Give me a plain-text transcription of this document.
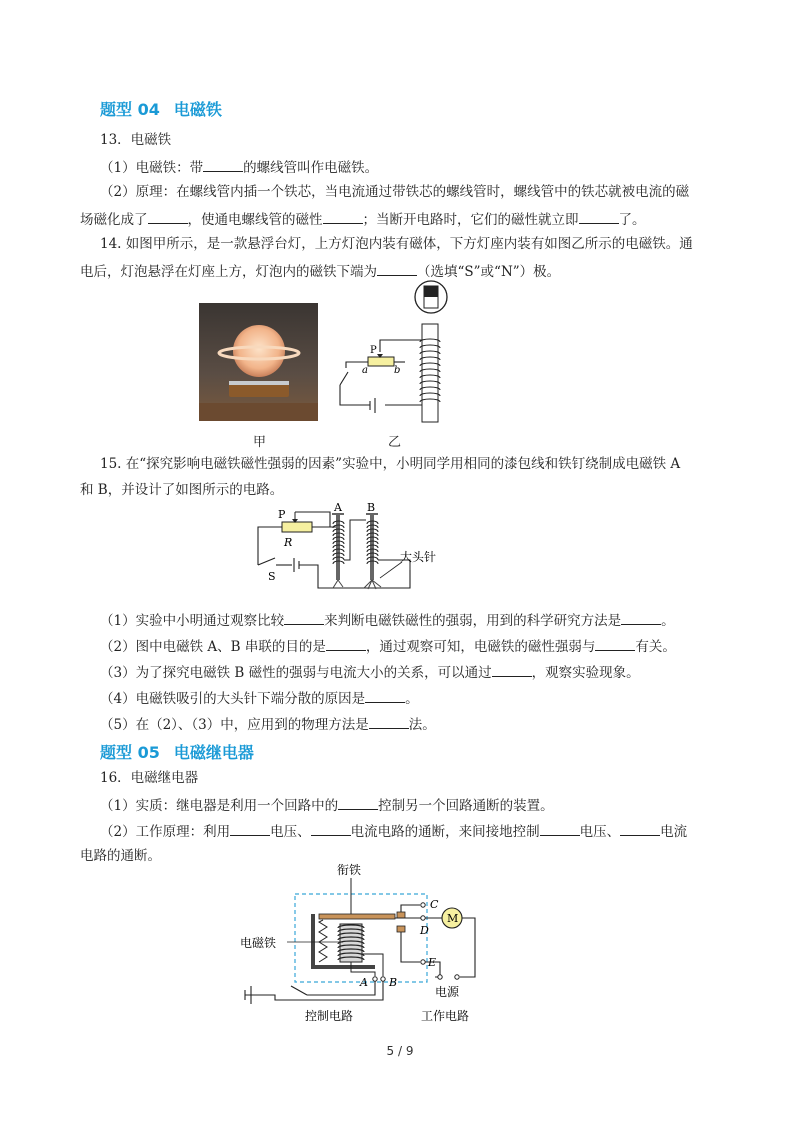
题型 04 电磁铁
13．电磁铁
（1）电磁铁：带	的螺线管叫作电磁铁。
（2）原理：在螺线管内插一个铁芯，当电流通过带铁芯的螺线管时，螺线管中的铁芯就被电流的磁
场磁化成了	，使通电螺线管的磁性	；当断开电路时，它们的磁性就立即	了。
14. 如图甲所示，是一款悬浮台灯，上方灯泡内装有磁体，下方灯座内装有如图乙所示的电磁铁。通
电后，灯泡悬浮在灯座上方，灯泡内的磁铁下端为	（选填“S”或“N”）极。
甲
P
a	b
乙
15. 在“探究影响电磁铁磁性强弱的因素”实验中，小明同学用相同的漆包线和铁钉绕制成电磁铁 A
和 B，并设计了如图所示的电路。
P
R
S
A B
大头针
（1）实验中小明通过观察比较	来判断电磁铁磁性的强弱，用到的科学研究方法是	。
（2）图中电磁铁 A、B 串联的目的是	，通过观察可知，电磁铁的磁性强弱与	有关。
（3）为了探究电磁铁 B 磁性的强弱与电流大小的关系，可以通过	，观察实验现象。
（4）电磁铁吸引的大头针下端分散的原因是	。
（5）在（2）、（3）中，应用到的物理方法是	法。
题型 05 电磁继电器
16．电磁继电器
（1）实质：继电器是利用一个回路中的	控制另一个回路通断的装置。
（2）工作原理：利用	电压、	电流电路的通断，来间接地控制	电压、	电流
电路的通断。
衔铁
电磁铁
C
D
E
M
A B
电源
控制电路	工作电路
5 / 9
